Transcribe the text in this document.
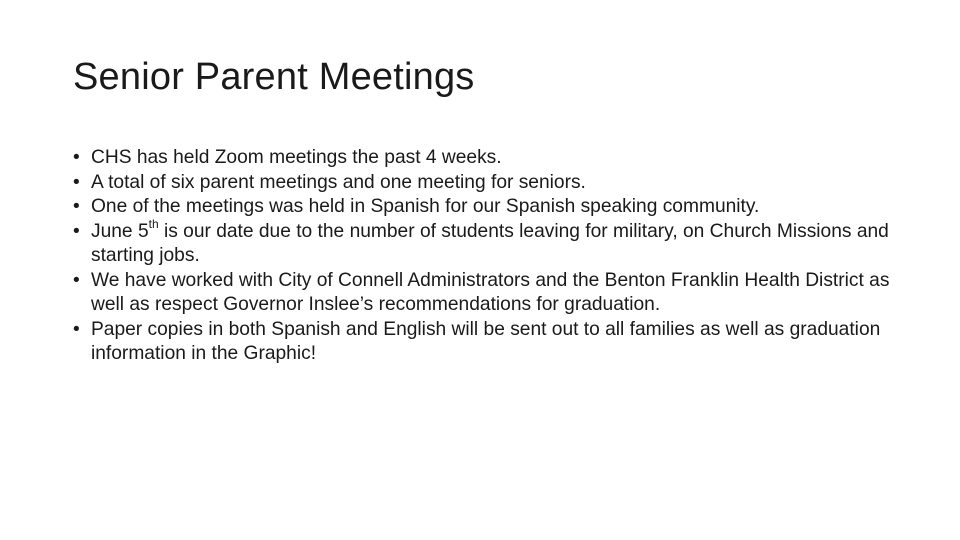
Senior Parent Meetings
• CHS has held Zoom meetings the past 4 weeks.
• A total of six parent meetings and one meeting for seniors.
• One of the meetings was held in Spanish for our Spanish speaking community.
• June 5th is our date due to the number of students leaving for military, on Church Missions and starting jobs.
• We have worked with City of Connell Administrators and the Benton Franklin Health District as well as respect Governor Inslee’s recommendations for graduation.
• Paper copies in both Spanish and English will be sent out to all families as well as graduation information in the Graphic!
